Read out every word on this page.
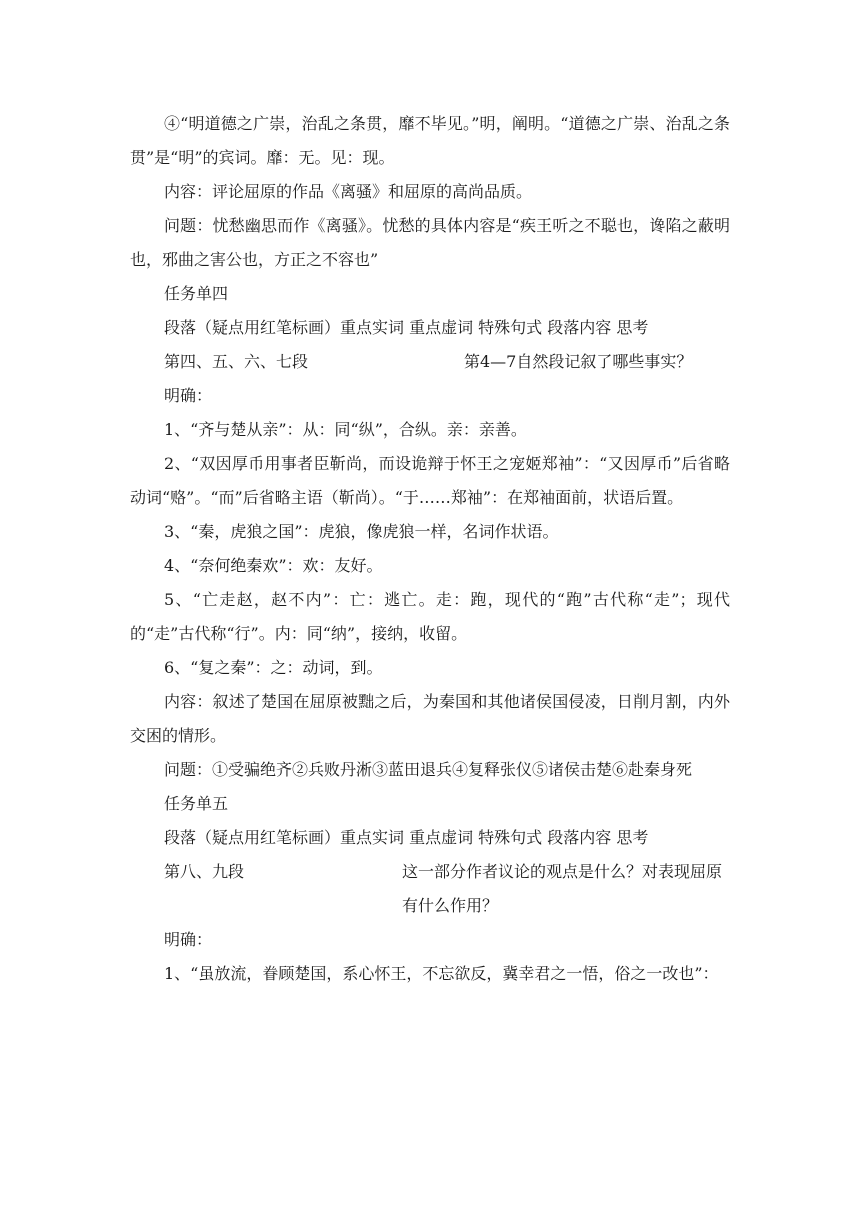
④“明道德之广崇，治乱之条贯，靡不毕见。”明，阐明。“道德之广崇、治乱之条贯”是“明”的宾词。靡：无。见：现。

内容：评论屈原的作品《离骚》和屈原的高尚品质。

问题：忧愁幽思而作《离骚》。忧愁的具体内容是“疾王听之不聪也，谗陷之蔽明也，邪曲之害公也，方正之不容也”

任务单四

段落（疑点用红笔标画）重点实词 重点虚词 特殊句式 段落内容 思考

第四、五、六、七段	第4—7自然段记叙了哪些事实？

明确：

1、“齐与楚从亲”：从：同“纵”，合纵。亲：亲善。

2、“双因厚币用事者臣靳尚，而设诡辩于怀王之宠姬郑袖”：“又因厚币”后省略动词“赂”。“而”后省略主语（靳尚）。“于……郑袖”：在郑袖面前，状语后置。

3、“秦，虎狼之国”：虎狼，像虎狼一样，名词作状语。

4、“奈何绝秦欢”：欢：友好。

5、“亡走赵，赵不内”：亡：逃亡。走：跑，现代的“跑”古代称“走”；现代的“走”古代称“行”。内：同“纳”，接纳，收留。

6、“复之秦”：之：动词，到。

内容：叙述了楚国在屈原被黜之后，为秦国和其他诸侯国侵凌，日削月割，内外交困的情形。

问题：①受骗绝齐②兵败丹淅③蓝田退兵④复释张仪⑤诸侯击楚⑥赴秦身死

任务单五

段落（疑点用红笔标画）重点实词 重点虚词 特殊句式 段落内容 思考

第八、九段	这一部分作者议论的观点是什么？对表现屈原有什么作用？

明确：

1、“虽放流，眷顾楚国，系心怀王，不忘欲反，冀幸君之一悟，俗之一改也”：
